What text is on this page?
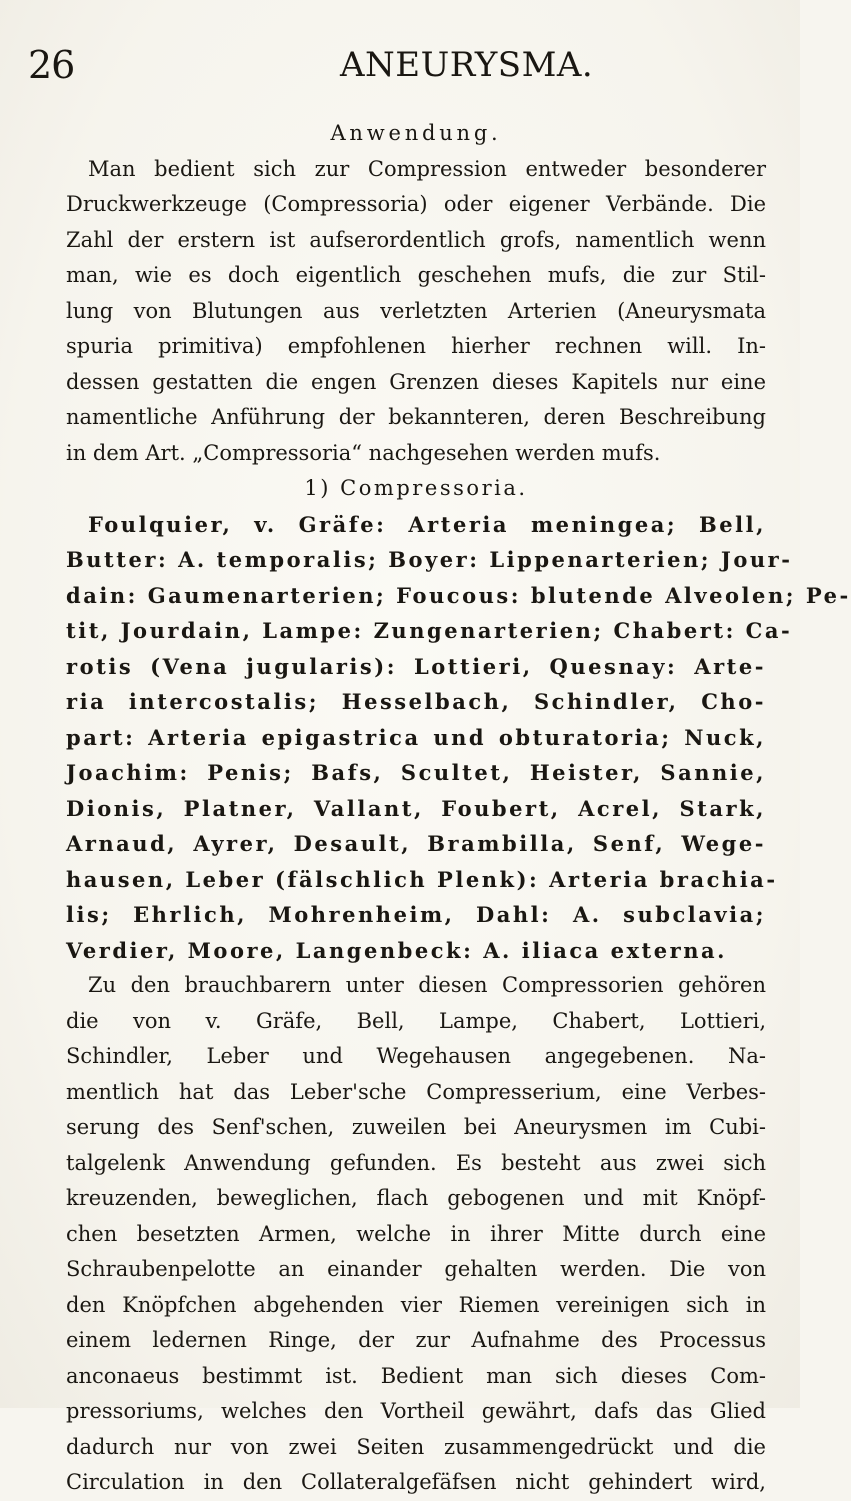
26	ANEURYSMA.
Anwendung.
Man bedient sich zur Compression entweder besonderer
Druckwerkzeuge (Compressoria) oder eigener Verbände. Die
Zahl der erstern ist aufserordentlich grofs, namentlich wenn
man, wie es doch eigentlich geschehen mufs, die zur Stil-
lung von Blutungen aus verletzten Arterien (Aneurysmata
spuria primitiva) empfohlenen hierher rechnen will. In-
dessen gestatten die engen Grenzen dieses Kapitels nur eine
namentliche Anführung der bekannteren, deren Beschreibung
in dem Art. „Compressoria“ nachgesehen werden mufs.
1) Compressoria.
Foulquier, v. Gräfe: Arteria meningea; Bell,
Butter: A. temporalis; Boyer: Lippenarterien; Jour-
dain: Gaumenarterien; Foucous: blutende Alveolen; Pe-
tit, Jourdain, Lampe: Zungenarterien; Chabert: Ca-
rotis (Vena jugularis): Lottieri, Quesnay: Arte-
ria intercostalis; Hesselbach, Schindler, Cho-
part: Arteria epigastrica und obturatoria; Nuck,
Joachim: Penis; Bafs, Scultet, Heister, Sannie,
Dionis, Platner, Vallant, Foubert, Acrel, Stark,
Arnaud, Ayrer, Desault, Brambilla, Senf, Wege-
hausen, Leber (fälschlich Plenk): Arteria brachia-
lis; Ehrlich, Mohrenheim, Dahl: A. subclavia;
Verdier, Moore, Langenbeck: A. iliaca externa.
Zu den brauchbarern unter diesen Compressorien gehören
die von v. Gräfe, Bell, Lampe, Chabert, Lottieri,
Schindler, Leber und Wegehausen angegebenen. Na-
mentlich hat das Leber'sche Compresserium, eine Verbes-
serung des Senf'schen, zuweilen bei Aneurysmen im Cubi-
talgelenk Anwendung gefunden. Es besteht aus zwei sich
kreuzenden, beweglichen, flach gebogenen und mit Knöpf-
chen besetzten Armen, welche in ihrer Mitte durch eine
Schraubenpelotte an einander gehalten werden. Die von
den Knöpfchen abgehenden vier Riemen vereinigen sich in
einem ledernen Ringe, der zur Aufnahme des Processus
anconaeus bestimmt ist. Bedient man sich dieses Com-
pressoriums, welches den Vortheil gewährt, dafs das Glied
dadurch nur von zwei Seiten zusammengedrückt und die
Circulation in den Collateralgefäfsen nicht gehindert wird,
